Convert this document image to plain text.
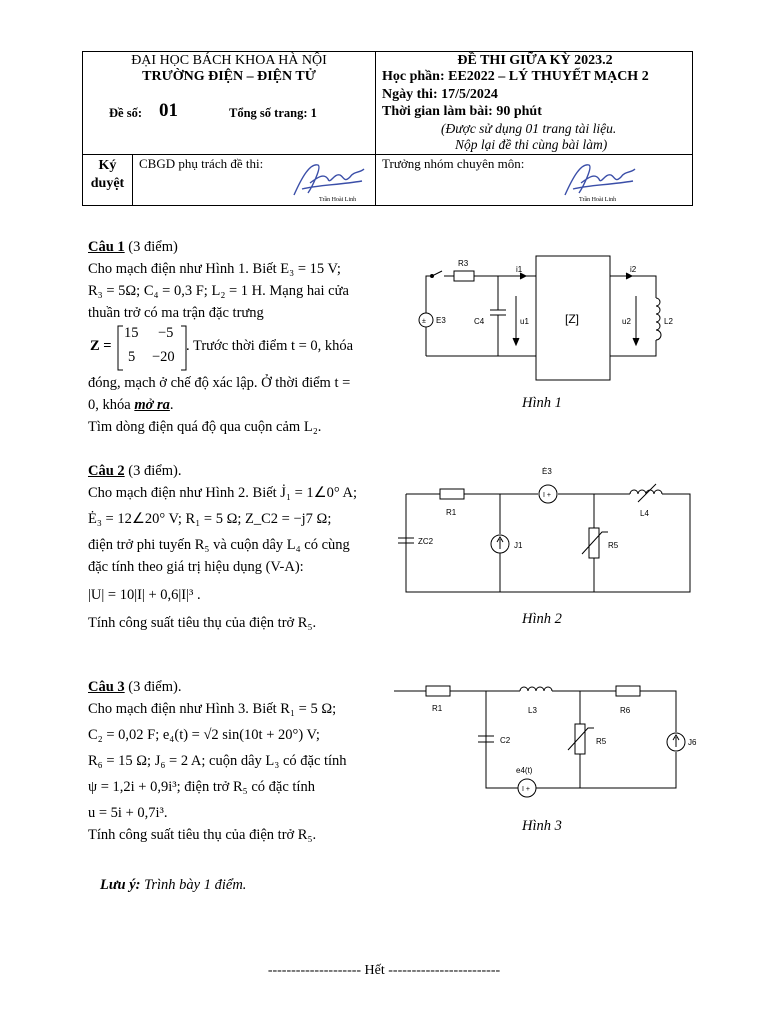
ĐẠI HỌC BÁCH KHOA HÀ NỘI
TRƯỜNG ĐIỆN – ĐIỆN TỬ
Đề số: 01	Tổng số trang: 1
ĐỀ THI GIỮA KỲ 2023.2
Học phần: EE2022 – LÝ THUYẾT MẠCH 2
Ngày thi: 17/5/2024
Thời gian làm bài: 90 phút
(Được sử dụng 01 trang tài liệu.
Nộp lại đề thi cùng bài làm)
Ký
duyệt
CBGD phụ trách đề thi:	Trưởng nhóm chuyên môn:
Trần Hoài Linh	Trần Hoài Linh

Câu 1 (3 điểm)

Cho mạch điện như Hình 1. Biết E₃ = 15 V;

R₃ = 5Ω; C₄ = 0,3 F; L₂ = 1 H. Mạng hai cửa

thuần trở có ma trận đặc trưng

Z =
15 −5
5 −20
. Trước thời điểm t = 0, khóa

đóng, mạch ở chế độ xác lập. Ở thời điểm t =

0, khóa mở ra.

Tìm dòng điện quá độ qua cuộn cảm L₂.

±
R3
E3	C4	u1
i1
[Z]
i2
u2	L2
Hình 1

Câu 2 (3 điểm).

Cho mạch điện như Hình 2. Biết J̇₁ = 1∠0° A;

Ė₃ = 12∠20° V; R₁ = 5 Ω; Z_C2 = −j7 Ω;

điện trở phi tuyến R₅ và cuộn dây L₄ có cùng

đặc tính theo giá trị hiệu dụng (V-A):

|U| = 10|I| + 0,6|I|³ .

Tính công suất tiêu thụ của điện trở R₅.

I +
Ė3
R1	L4
ZC2	J1	R5
Hình 2

Câu 3 (3 điểm).

Cho mạch điện như Hình 3. Biết R₁ = 5 Ω;

C₂ = 0,02 F; e₄(t) = √2 sin(10t + 20°) V;

R₆ = 15 Ω; J₆ = 2 A; cuộn dây L₃ có đặc tính

ψ = 1,2i + 0,9i³; điện trở R₅ có đặc tính

u = 5i + 0,7i³.

Tính công suất tiêu thụ của điện trở R₅.

I +
R1	L3	R6
C2	R5	J6
e4(t)
Hình 3
Lưu ý: Trình bày 1 điểm.
-------------------- Hết ------------------------
